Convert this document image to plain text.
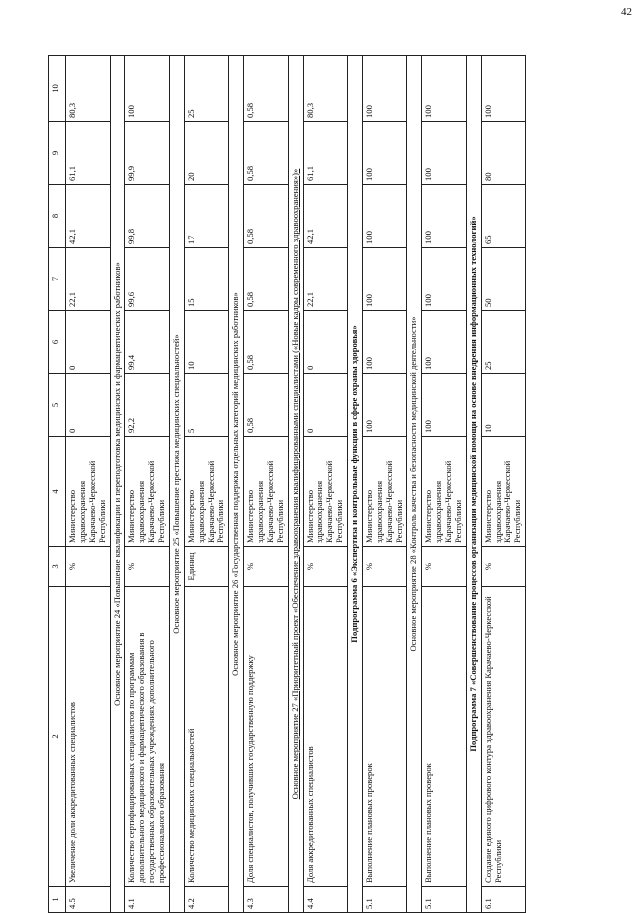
42
1	2	3	4	5	6	7	8	9	10
4.5	Увеличение доли аккредитованных специалистов	%	Министерство здравоохранения Карачаево-Черкесской Республики	0	0	22,1	42,1	61,1	80,3
Основное мероприятие 24 «Повышение квалификации и переподготовка медицинских и фармацевтических работников»									
4.1	Количество сертифицированных специалистов по программам дополнительного медицинского и фармацевтического образования в государственных образовательных учреждениях дополнительного профессионального образования	%	Министерство здравоохранения Карачаево-Черкесской Республики	92,2	99,4	99,6	99,8	99,9	100
Основное мероприятие 25 «Повышение престижа медицинских специальностей»									
4.2	Количество медицинских специальностей	Единиц	Министерство здравоохранения Карачаево-Черкесской Республики	5	10	15	17	20	25
Основное мероприятие 26 «Государственная поддержка отдельных категорий медицинских работников»									
4.3	Доля специалистов, получивших государственную поддержку	%	Министерство здравоохранения Карачаево-Черкесской Республики	0,58	0,58	0,58	0,58	0,58	0,58
Основное мероприятие 27 «Приоритетный проект «Обеспечение здравоохранения квалифицированными специалистами («Новые кадры современного здравоохранения»)»									
4.4	Доля аккредитованных специалистов	%	Министерство здравоохранения Карачаево-Черкесской Республики	0	0	22,1	42,1	61,1	80,3
Подпрограмма 6 «Экспертиза и контрольные функции в сфере охраны здоровья»									
5.1	Выполнение плановых проверок	%	Министерство здравоохранения Карачаево-Черкесской Республики	100	100	100	100	100	100
Основное мероприятие 28 «Контроль качества и безопасности медицинской деятельности»									
5.1	Выполнение плановых проверок	%	Министерство здравоохранения Карачаево-Черкесской Республики	100	100	100	100	100	100
Подпрограмма 7 «Совершенствование процессов организации медицинской помощи на основе внедрения информационных технологий»									
6.1	Создание единого цифрового контура здравоохранения Карачаево-Черкесской Республики	%	Министерство здравоохранения Карачаево-Черкесской Республики	10	25	50	65	80	100
